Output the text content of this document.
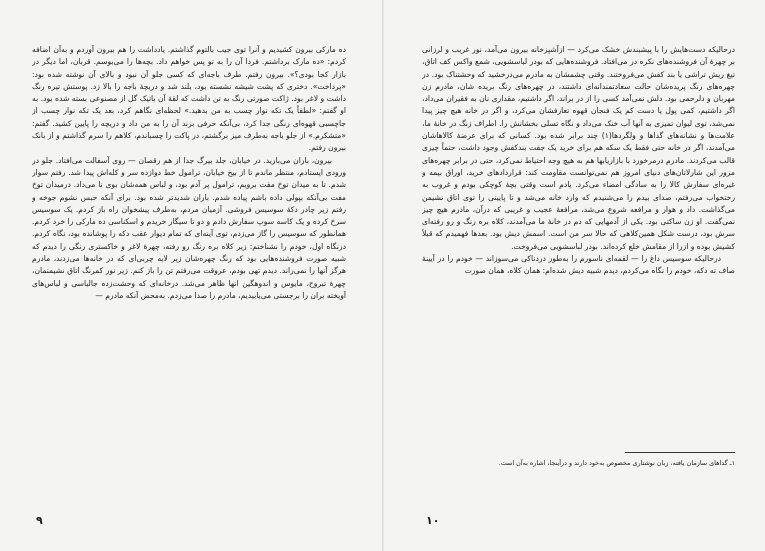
ده مارکی بیرون کشیدیم و آنرا توی جیب بالتوم گذاشتم. یادداشت را هم بیرون آوردم و به‌آن اضافه کردم: «ده مارک برداشتم. فردا آن را به تو پس خواهم داد. بچه‌ها را می‌بوسم. قربان، اما دیگر در بازار کجا بودی؟». بیرون رفتم. طرف باجه‌ای که کسی جلو آن نبود و بالای آن نوشته شده بود: «پرداخت». دختری که پشت شیشه نشسته بود، بلند شد و دریچهٔ باجه را بالا زد. پوستش تیره رنگ داشت و لاغر بود. ژاکت صورتی رنگ به تن داشت که لقهٔ آن باتیک گل از مصنوعی بسته شده بود. به او گفتم: «لطفاً یک تکه نوار چسب به من بدهید.» لحظه‌ای نگاهم کرد، بعد یک تکه نوار چسب از جاچسبی قهوه‌ای رنگی جدا کرد، بی‌آنکه حرفی بزند آن را به من داد و دریچه را پایین کشید. گفتم: «متشکرم.» از جلو باجه به‌طرف میز برگشتم، در پاکت را چسباندم، کلاهم را سرم گذاشتم و از بانک بیرون رفتم.

بیرون، باران می‌بارید. در خیابان، جلد بیرگ جدا از هم رقصان — روی آسفالت می‌افتاد. جلو در ورودی ایستادم، منتظر ماندم تا از بیخ خیابان، ترامول خط دوازده سر و کله‌اش پیدا شد. رفتم سوار شدم. تا به میدان توخ مفت برویم، ترامول پر آدم بود، و لباس همه‌شان بوی نا می‌داد. درمیدان توخ مفت بی‌آنکه بپولی داده باشم پیاده شدم. باران شدیدتر شده بود. برای آنکه حبس نشوم جوخه و رفتم زیر چادر دکهٔ سوسیس فروشی. آزمیان مردم، به‌طرف پیشخوان راه باز کردم. یک سوسیس سرخ کرده و یک کاسه سوپ سفارش دادم و دو تا سیگار خریدم و اسکناسی ده مارکی را خرد کردم. همانطور که سوسیس را گاز می‌زدم، توی آینه‌ای که تمام دیوار عقب دکه را پوشانده بود، نگاه کردم. درنگاه اول، خودم را نشناختم: زیر کلاه بره رنگ رو رفته، چهرهٔ لاغر و خاکستری رنگی را دیدم که شبیه صورت فروشنده‌هایی بود که رنگ چهره‌شان زیر لایه چربی‌ای که در خانه‌ها می‌زدند، مادرم هرگز آنها را نمی‌راند. دیدم تهی بودم، عروقت می‌رفتم تن را باز کنم. زیر نور کمرنگ اتاق نشیمنمان، چهرهٔ تبروح، مایوس و اندوهگین انها ظاهر می‌شد. درخانه‌ای که وحشت‌زده جالبا‌سی و لباس‌های آویخته بران را برجستی می‌یابیدیم، مادرم را صدا می‌زدم. به‌محض آنکه مادرم —

۹

درحالیکه دست‌هایش را با پیشبندش خشک می‌کرد — ازآشپزخانه بیرون می‌آمد، نور غریب و لرزانی بر چهرهٔ آن فروشنده‌های نکره در می‌افتاد. فروشنده‌هایی که بودر لباسشویی، شمع واکس کف اتاق، تیغ ریش تراشی یا بند کفش می‌فروختند. وقتی چشمشان به مادرم می‌درخشید که وحشتناک بود. در چهره‌های رنگ پریده‌شان حالت سعادتمندانه‌ای داشتند، در چهره‌های رنگ بریده شان، مادرم زن مهربان و دلرحمی بود. دلش نمی‌آمد کسی را از در براند، اگر داشتیم، مقداری نان به فقیران می‌داد، اگر داشتیم، کمی پول یا دست کم یک فنجان قهوه تعارفشان می‌کرد، و اگر در خانه هیچ چیز پیدا نمی‌شد، توی لیوان تمیزی به آنها آب خنک می‌داد و نگاه تسلی بخشانش را. اطراف زنگ در خانهٔ ما، علامت‌ها و نشانه‌های گداها و ولگردها(۱) چند برابر شده بود. کسانی که برای عرضهٔ کالاهاشان می‌آمدند، اگر در خانه حتی فقط یک سکه هم برای خرید یک جفت بندکفش وجود داشت، حتماً چیزی قالب می‌کردند. مادرم درمرخورد با بازاریابها هم به هیچ وجه احتیاط نمی‌کرد، حتی در برابر چهره‌های مزور این شارلاتان‌های دنیای امروز هم نمی‌توانست مقاومت کند: قراردادهای خرید، اوراق بیمه و غیره‌ای سفارش کالا را به سادگی امضاء می‌کرد. یادم است وقتی بچهٔ کوچکی بودم و غروب به رختخواب می‌رفتم، صدای بیدم را می‌شنیدم که وارد خانه می‌شد و تا پایینی را توی اتاق نشیمن می‌گذاشت. داد و هوار و مرافعه شروع می‌شد، مرافعهٔ عجیب و غریبی که درآن، مادرم هیچ چیز نمی‌گفت. او زن ساکتی بود. یکی از آدمهایی که دم در خانهٔ ما می‌آمدند، کلاه بره رنگ و رو رفته‌ای سرش بود، درست شکل همین‌کلاهی که حالا سر من است. اسمش دیش بود. بعدها فهمیدم که قبلاً کشیش بوده و ازرا از مقامش خلع کرده‌اند. بودر لباسشویی می‌فروخت.

درحالیکه سوسیس داغ را — لقمه‌ای ناسورم را به‌طور دردناکی می‌سوزاند — خودم را در آیینهٔ صاف ته دکه، خودم را نگاه می‌کردم، دیدم شبیه دیش شده‌ام: همان کلاه، همان صورت

۱ـ گداهای سازمان یافته، زبان نوشتاری مخصوص به‌خود دارند و درآینجا، اشاره به‌آن است.

۱۰
